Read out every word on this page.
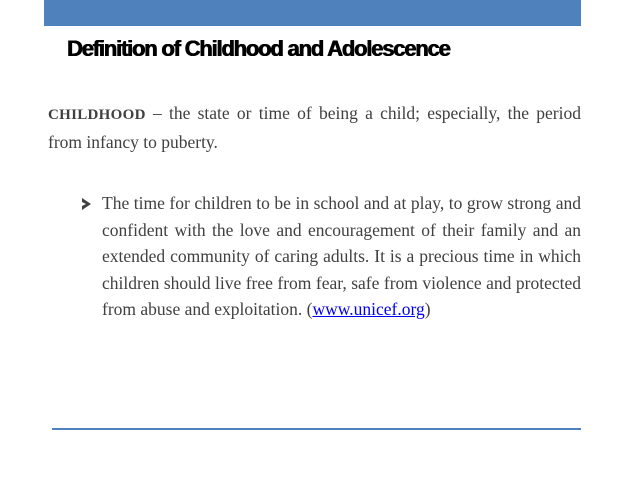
Definition of Childhood and Adolescence

CHILDHOOD – the state or time of being a child; especially, the period from infancy to puberty.

The time for children to be in school and at play, to grow strong and confident with the love and encouragement of their family and an extended community of caring adults. It is a precious time in which children should live free from fear, safe from violence and protected from abuse and exploitation. (www.unicef.org)
